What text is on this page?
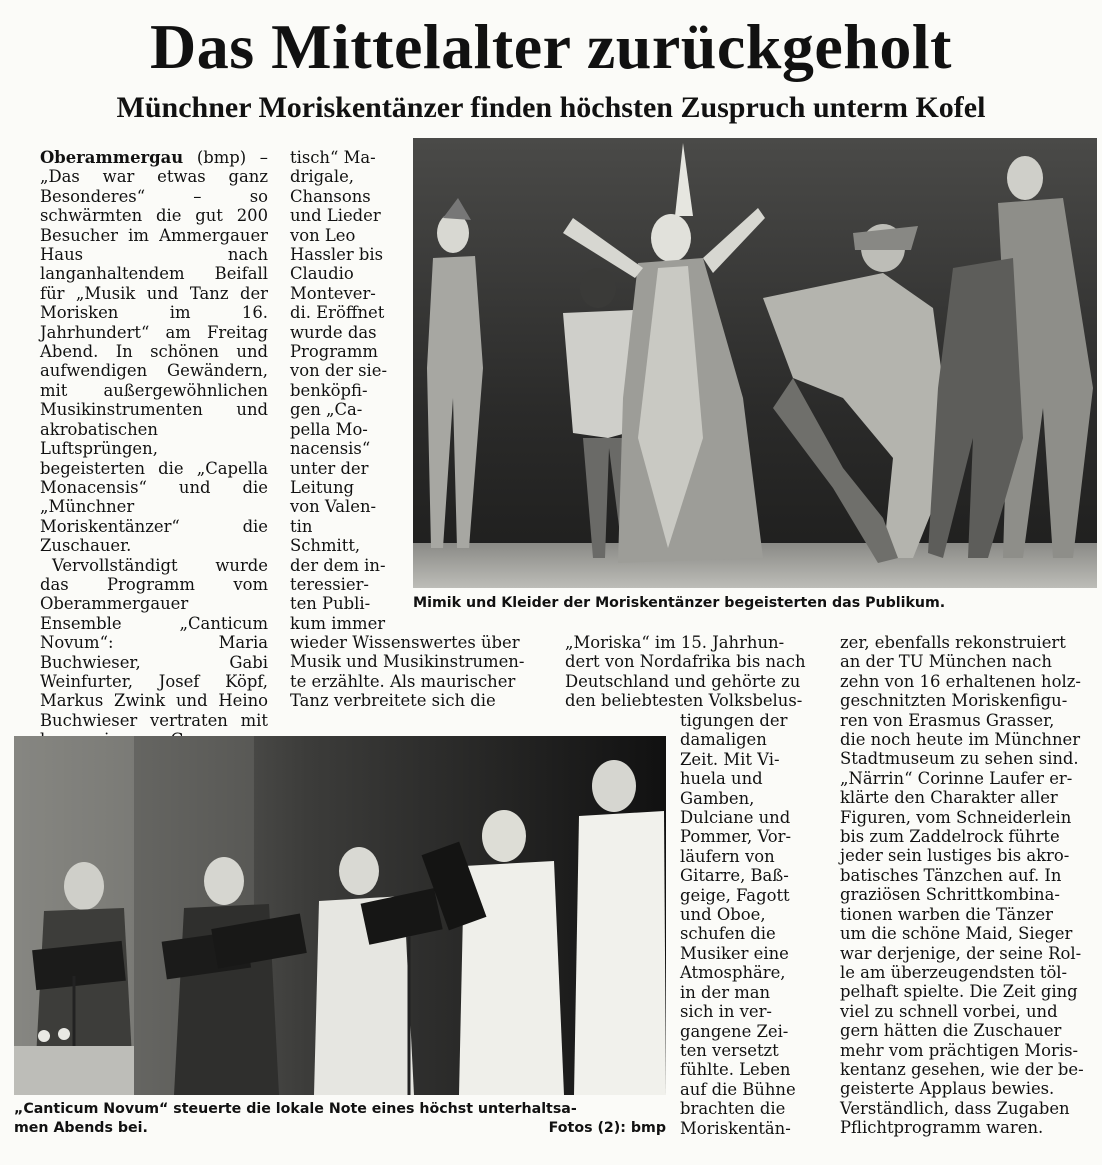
Das Mittelalter zurückgeholt
Münchner Moriskentänzer finden höchsten Zuspruch unterm Kofel

Oberammergau (bmp) – „Das war etwas ganz Besonderes“ – so schwärmten die gut 200 Besucher im Ammergauer Haus nach langanhaltendem Beifall für „Musik und Tanz der Morisken im 16. Jahrhundert“ am Freitag Abend. In schönen und aufwendigen Gewändern, mit außergewöhnlichen Musikinstrumenten und akrobatischen Luftsprüngen, begeisterten die „Capella Monacensis“ und die „Münchner Moriskentänzer“ die Zuschauer.

Vervollständigt wurde das Programm vom Oberammergauer Ensemble „Canticum Novum“: Maria Buchwieser, Gabi Weinfurter, Josef Köpf, Markus Zwink und Heino Buchwieser vertraten mit

tisch“ Ma-
drigale,
Chansons
und Lieder
von Leo
Hassler bis
Claudio
Montever-
di. Eröffnet
wurde das
Programm
von der sie-
benköpfi-
gen „Ca-
pella Mo-
nacensis“
unter der
Leitung
von Valen-
tin
Schmitt,
der dem in-
teressier-
ten Publi-
kum immer
wieder Wissenswertes über
Musik und Musikinstrumen-
te erzählte. Als maurischer
Tanz verbreitete sich die
„Moriska“ im 15. Jahrhun-
dert von Nordafrika bis nach
Deutschland und gehörte zu
den beliebtesten Volksbelus-
tigungen der
damaligen
Zeit. Mit Vi-
huela und
Gamben,
Dulciane und
Pommer, Vor-
läufern von
Gitarre, Baß-
geige, Fagott
und Oboe,
schufen die
Musiker eine
Atmosphäre,
in der man
sich in ver-
gangene Zei-
ten versetzt
fühlte. Leben
auf die Bühne
brachten die
Moriskentän-
zer, ebenfalls rekonstruiert
an der TU München nach
zehn von 16 erhaltenen holz-
geschnitzten Moriskenfigu-
ren von Erasmus Grasser,
die noch heute im Münchner
Stadtmuseum zu sehen sind.
„Närrin“ Corinne Laufer er-
klärte den Charakter aller
Figuren, vom Schneiderlein
bis zum Zaddelrock führte
jeder sein lustiges bis akro-
batisches Tänzchen auf. In
graziösen Schrittkombina-
tionen warben die Tänzer
um die schöne Maid, Sieger
war derjenige, der seine Rol-
le am überzeugendsten töl-
pelhaft spielte. Die Zeit ging
viel zu schnell vorbei, und
gern hätten die Zuschauer
mehr vom prächtigen Moris-
kentanz gesehen, wie der be-
geisterte Applaus bewies.
Verständlich, dass Zugaben
Pflichtprogramm waren.
Mimik und Kleider der Moriskentänzer begeisterten das Publikum.
„Canticum Novum“ steuerte die lokale Note eines höchst unterhaltsa-
men Abends bei.	Fotos (2): bmp
